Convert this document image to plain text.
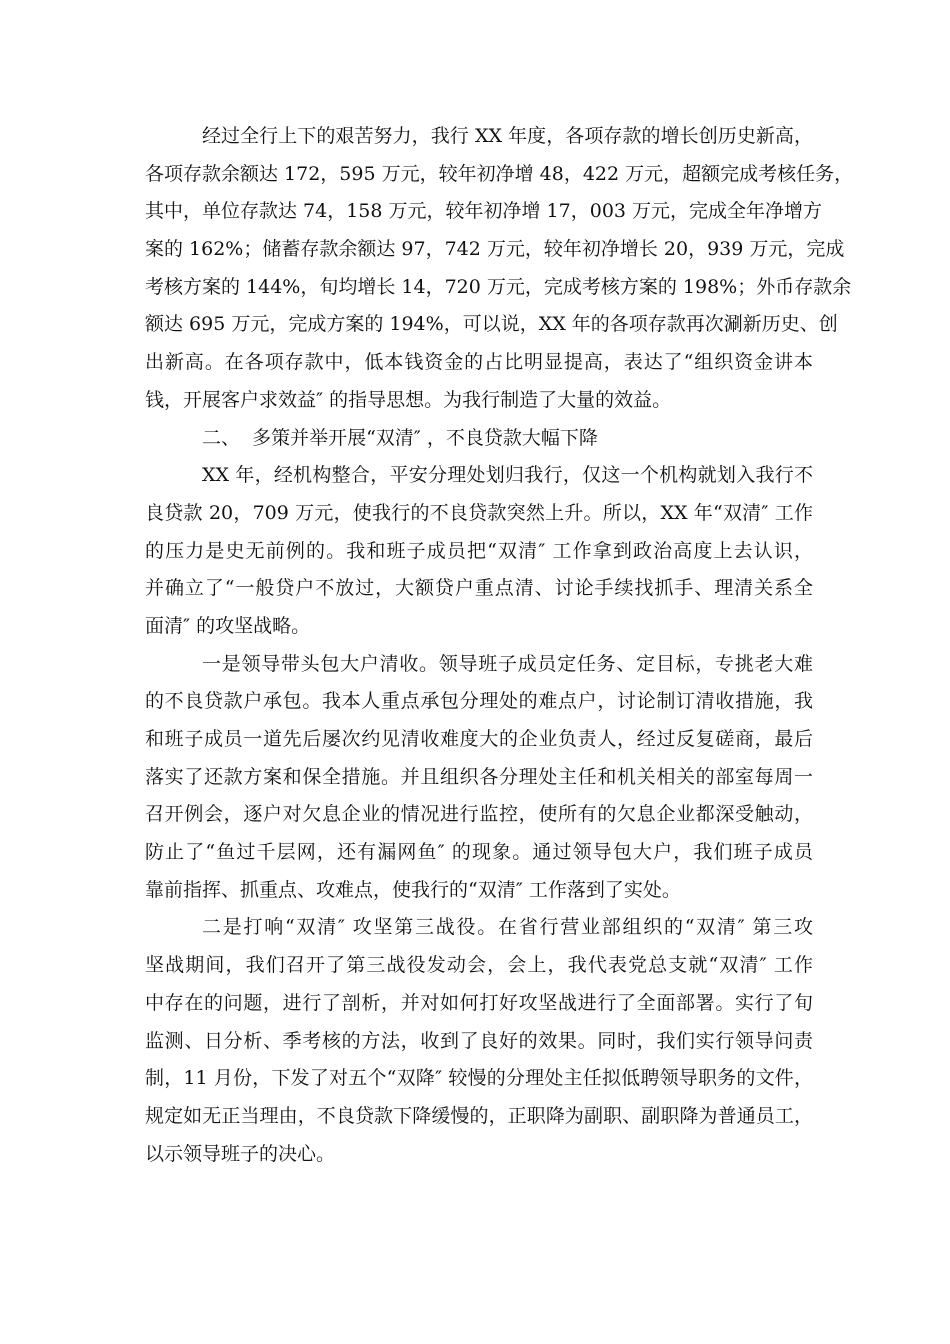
经过全行上下的艰苦努力，我行 XX 年度，各项存款的增长创历史新高，
各项存款余额达 172，595 万元，较年初净增 48，422 万元，超额完成考核任务，
其中，单位存款达 74，158 万元，较年初净增 17，003 万元，完成全年净增方
案的 162%；储蓄存款余额达 97，742 万元，较年初净增长 20，939 万元，完成
考核方案的 144%，旬均增长 14，720 万元，完成考核方案的 198%；外币存款余
额达 695 万元，完成方案的 194%，可以说，XX 年的各项存款再次涮新历史、创
出新高。在各项存款中，低本钱资金的占比明显提高，表达了“组织资金讲本
钱，开展客户求效益″ 的指导思想。为我行制造了大量的效益。

二、  多策并举开展“双清″ ，不良贷款大幅下降

XX 年，经机构整合，平安分理处划归我行，仅这一个机构就划入我行不
良贷款 20，709 万元，使我行的不良贷款突然上升。所以，XX 年“双清″ 工作
的压力是史无前例的。我和班子成员把“双清″ 工作拿到政治高度上去认识，
并确立了“一般贷户不放过，大额贷户重点清、讨论手续找抓手、理清关系全
面清″ 的攻坚战略。

一是领导带头包大户清收。领导班子成员定任务、定目标，专挑老大难
的不良贷款户承包。我本人重点承包分理处的难点户，讨论制订清收措施，我
和班子成员一道先后屡次约见清收难度大的企业负责人，经过反复磋商，最后
落实了还款方案和保全措施。并且组织各分理处主任和机关相关的部室每周一
召开例会，逐户对欠息企业的情况进行监控，使所有的欠息企业都深受触动，
防止了“鱼过千层网，还有漏网鱼″ 的现象。通过领导包大户，我们班子成员
靠前指挥、抓重点、攻难点，使我行的“双清″ 工作落到了实处。

二是打响“双清″ 攻坚第三战役。在省行营业部组织的“双清″ 第三攻
坚战期间，我们召开了第三战役发动会，会上，我代表党总支就“双清″ 工作
中存在的问题，进行了剖析，并对如何打好攻坚战进行了全面部署。实行了旬
监测、日分析、季考核的方法，收到了良好的效果。同时，我们实行领导问责
制，11 月份，下发了对五个“双降″ 较慢的分理处主任拟低聘领导职务的文件，
规定如无正当理由，不良贷款下降缓慢的，正职降为副职、副职降为普通员工，
以示领导班子的决心。
